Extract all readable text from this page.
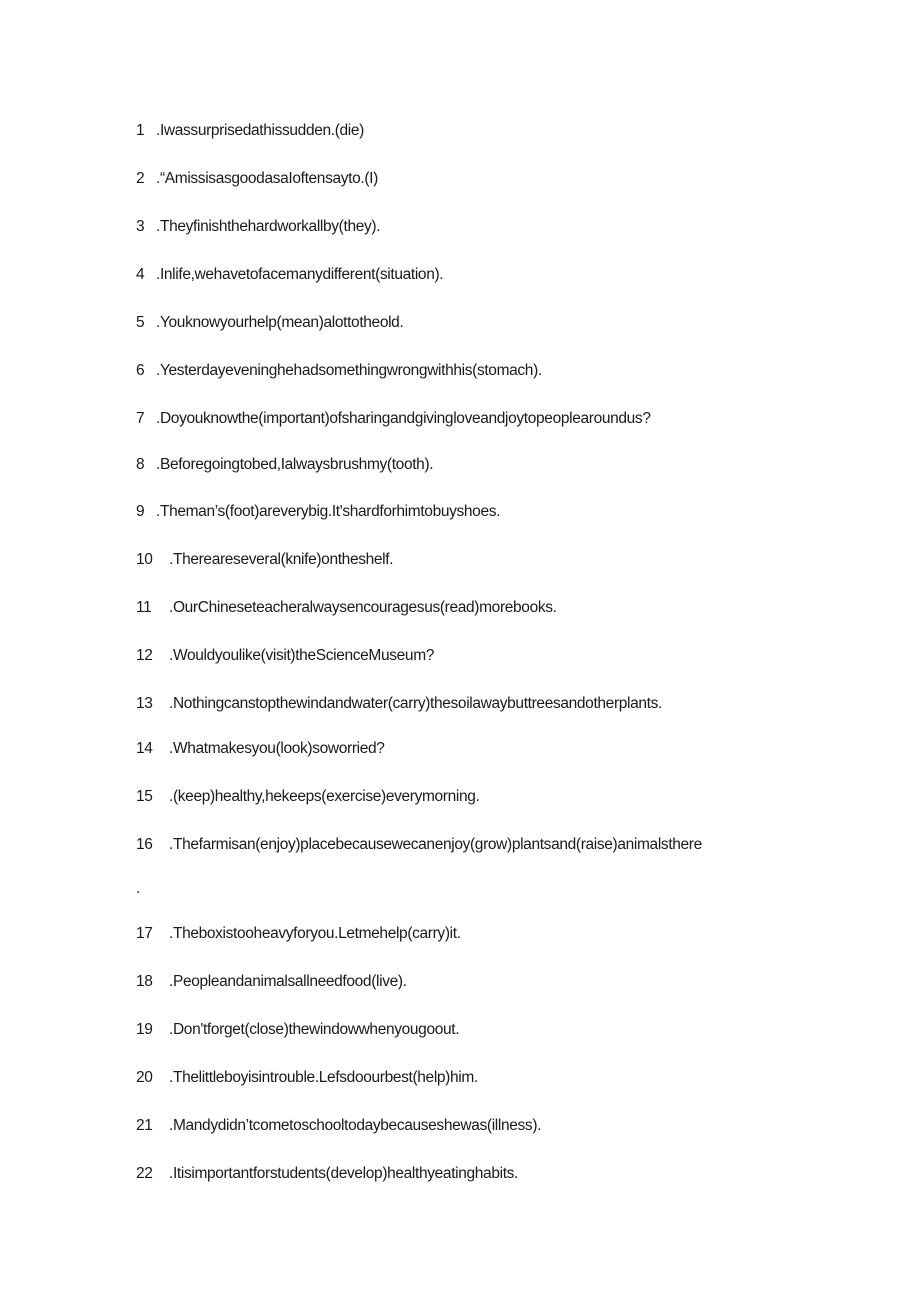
1 .Iwassurprisedathissudden.(die)
2 .“AmissisasgoodasaIoftensayto.(I)
3 .Theyfinishthehardworkallby(they).
4 .Inlife,wehavetofacemanydifferent(situation).
5 .Youknowyourhelp(mean)alottotheold.
6 .Yesterdayeveninghehadsomethingwrongwithhis(stomach).
7 .Doyouknowthe(important)ofsharingandgivingloveandjoytopeoplearoundus?
8 .Beforegoingtobed,Ialwaysbrushmy(tooth).
9 .Theman’s(foot)areverybig.It'shardforhimtobuyshoes.
10	.Thereareseveral(knife)ontheshelf.
11	.OurChineseteacheralwaysencouragesus(read)morebooks.
12	.Wouldyoulike(visit)theScienceMuseum?
13	.Nothingcanstopthewindandwater(carry)thesoilawaybuttreesandotherplants.
14	.Whatmakesyou(look)soworried?
15	.(keep)healthy,hekeeps(exercise)everymorning.
16	.Thefarmisan(enjoy)placebecausewecanenjoy(grow)plantsand(raise)animalsthere
.
17	.Theboxistooheavyforyou.Letmehelp(carry)it.
18	.Peopleandanimalsallneedfood(live).
19	.Don'tforget(close)thewindowwhenyougoout.
20	.Thelittleboyisintrouble.Lefsdoourbest(help)him.
21	.Mandydidn’tcometoschooltodaybecauseshewas(illness).
22	.Itisimportantforstudents(develop)healthyeatinghabits.
